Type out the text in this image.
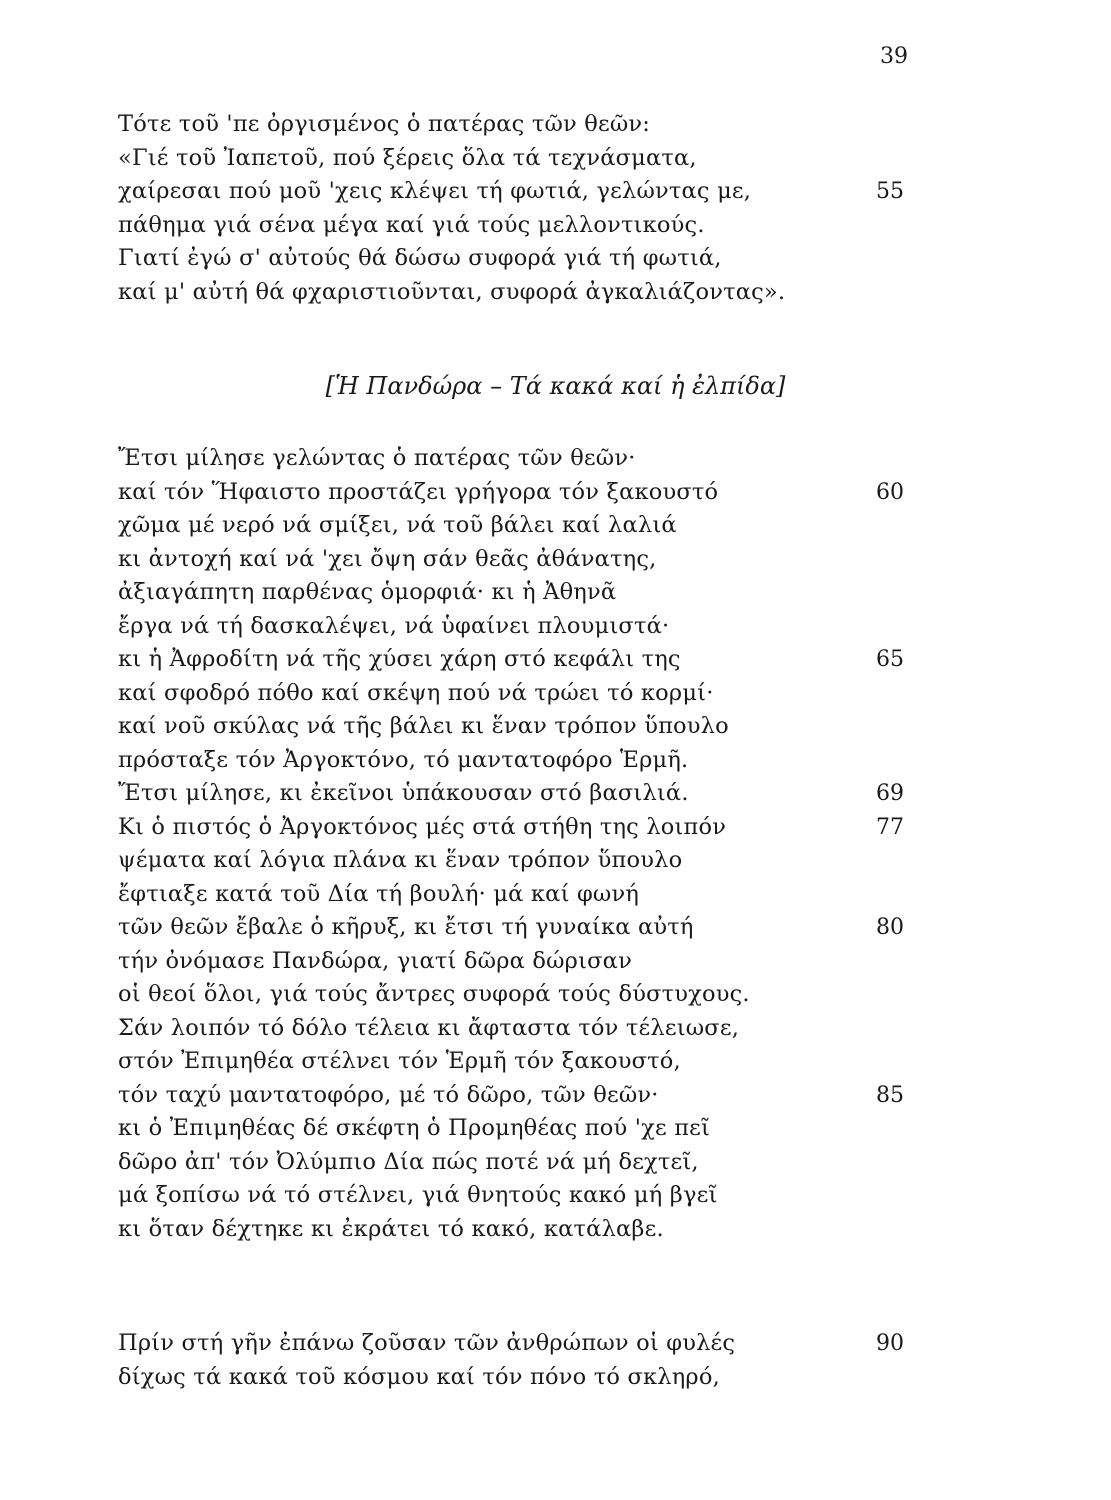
39
Τότε τοῦ 'πε ὀργισμένος ὁ πατέρας τῶν θεῶν:
«Γιέ τοῦ Ἰαπετοῦ, πού ξέρεις ὅλα τά τεχνάσματα,
χαίρεσαι πού μοῦ 'χεις κλέψει τή φωτιά, γελώντας με,	55
πάθημα γιά σένα μέγα καί γιά τούς μελλοντικούς.
Γιατί ἐγώ σ' αὐτούς θά δώσω συφορά γιά τή φωτιά,
καί μ' αὐτή θά φχαριστιοῦνται, συφορά ἀγκαλιάζοντας».
[Ἡ Πανδώρα – Τά κακά καί ἡ ἐλπίδα]
Ἔτσι μίλησε γελώντας ὁ πατέρας τῶν θεῶν·
καί τόν Ἥφαιστο προστάζει γρήγορα τόν ξακουστό	60
χῶμα μέ νερό νά σμίξει, νά τοῦ βάλει καί λαλιά
κι ἀντοχή καί νά 'χει ὄψη σάν θεᾶς ἀθάνατης,
ἀξιαγάπητη παρθένας ὁμορφιά· κι ἡ Ἀθηνᾶ
ἔργα νά τή δασκαλέψει, νά ὑφαίνει πλουμιστά·
κι ἡ Ἀφροδίτη νά τῆς χύσει χάρη στό κεφάλι της	65
καί σφοδρό πόθο καί σκέψη πού νά τρώει τό κορμί·
καί νοῦ σκύλας νά τῆς βάλει κι ἕναν τρόπον ὕπουλο
πρόσταξε τόν Ἀργοκτόνο, τό μαντατοφόρο Ἑρμῆ.
Ἔτσι μίλησε, κι ἐκεῖνοι ὑπάκουσαν στό βασιλιά.	69
Κι ὁ πιστός ὁ Ἀργοκτόνος μές στά στήθη της λοιπόν	77
ψέματα καί λόγια πλάνα κι ἕναν τρόπον ὕπουλο
ἔφτιαξε κατά τοῦ Δία τή βουλή· μά καί φωνή
τῶν θεῶν ἔβαλε ὁ κῆρυξ, κι ἔτσι τή γυναίκα αὐτή	80
τήν ὀνόμασε Πανδώρα, γιατί δῶρα δώρισαν
οἱ θεοί ὅλοι, γιά τούς ἄντρες συφορά τούς δύστυχους.
Σάν λοιπόν τό δόλο τέλεια κι ἄφταστα τόν τέλειωσε,
στόν Ἐπιμηθέα στέλνει τόν Ἑρμῆ τόν ξακουστό,
τόν ταχύ μαντατοφόρο, μέ τό δῶρο, τῶν θεῶν·	85
κι ὁ Ἐπιμηθέας δέ σκέφτη ὁ Προμηθέας πού 'χε πεῖ
δῶρο ἀπ' τόν Ὀλύμπιο Δία πώς ποτέ νά μή δεχτεῖ,
μά ξοπίσω νά τό στέλνει, γιά θνητούς κακό μή βγεῖ
κι ὅταν δέχτηκε κι ἐκράτει τό κακό, κατάλαβε.
Πρίν στή γῆν ἐπάνω ζοῦσαν τῶν ἀνθρώπων οἱ φυλές	90
δίχως τά κακά τοῦ κόσμου καί τόν πόνο τό σκληρό,
